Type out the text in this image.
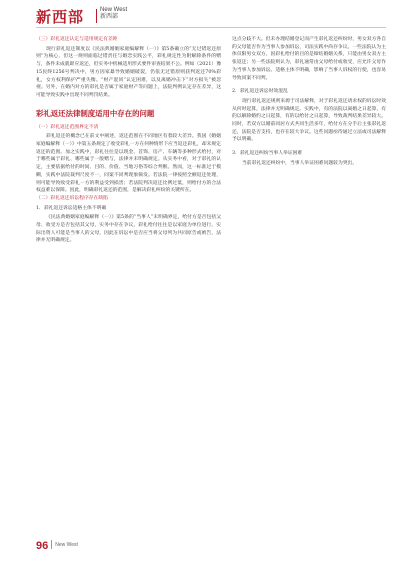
新西部	New West
新西部

（三）彩礼返还认定与适用规定有差距

现行彩礼返还制度以《民法典婚姻家庭编解释（一）》第5条确立的“无过错返还原则”为核心，但这一规则面临过错责任与婚恋实践公平，彩礼规定性为附解除条件的赠与，条件未成就即应返还，但实务中机械适用形式要件审查结果不公。例如（2021）豫15民终1256号判决中，男方因家暴导致婚姻破裂，仍依无过错原则获判返还70%彩礼，女方权利保护严重失衡。“财产混同”认定困难，以及离婚冲击下“对方损失”被忽视。另外，在婚内对方的彩礼是否属于家庭财产等问题上，法院判例认定存在差异，这可能导致实践中出现不同判罚结果。

彩礼返还法律制度适用中存在的问题

（一）彩礼返还范围界定不清

彩礼返还的概念已在前文中阐述，返还范围在不同地区有着较大差异。我国《婚姻家庭编解释（一）》中第五条规定了收受彩礼一方在何种情形下应当返还彩礼，却未规定返还的范围。加之实践中，彩礼往往是以现金、首饰、房产、车辆等多种形式给付，对于哪些属于彩礼、哪些属于一般赠与，法律并未明确规定。从实务中看，对于彩礼的认定，主要依据给付的时间、目的、价值、当地习俗等综合判断。然而，这一标准过于模糊，实践中法院裁判尺度不一，同案不同判现象频发。若法院一律按照全额返还处理，则可能导致收受彩礼一方的利益受到损害；若法院判决返还比例过低，则给付方的合法权益难以保障。因此，明确彩礼返还的范围，是解决彩礼纠纷的关键所在。

（二）彩礼返还诉讼程序存在缺陷

1．彩礼返还诉讼适格主体不明确

《民法典婚姻家庭编解释（一）》第5条的“当事人”未明确界定，给付方是否包括父母、收受方是否包括其父母，实务中存在争议。彩礼给付往往是以家庭为单位进行，实际出资人可能是当事人的父母，因此在诉讼中是否应当将父母列为共同原告或被告，法律并无明确规定。

这点分歧不大。但未办理结婚登记而产生彩礼返还纠纷时，男女双方各自的父母能否作为当事人参加诉讼，司法实践中尚存争议。一些法院认为主体仅限男女双方，因彩礼给付的目的是缔结婚姻关系，只能由男女双方主张返还；另一些法院则认为，彩礼通常由父母给付或收受，应允许父母作为当事人参加诉讼。适格主体不明确，影响了当事人诉权的行使，也容易导致同案不同判。

2．彩礼返还诉讼时效混乱

现行彩礼返还规则来源于司法解释，对于彩礼返还请求权的诉讼时效从何时起算，法律并无明确规定。实践中，有的法院以离婚之日起算，有的以解除婚约之日起算，有的以给付之日起算，导致裁判结果差异较大。同时，若双方以婚前同居方式共同生活多年，给付方在分手后主张彩礼返还，法院是否支持，也存在较大争议。这些问题亟待通过立法或司法解释予以明确。

3．彩礼返还纠纷当事人举证困难

当前彩礼返还纠纷中，当事人举证困难问题较为突出。

96 New West
